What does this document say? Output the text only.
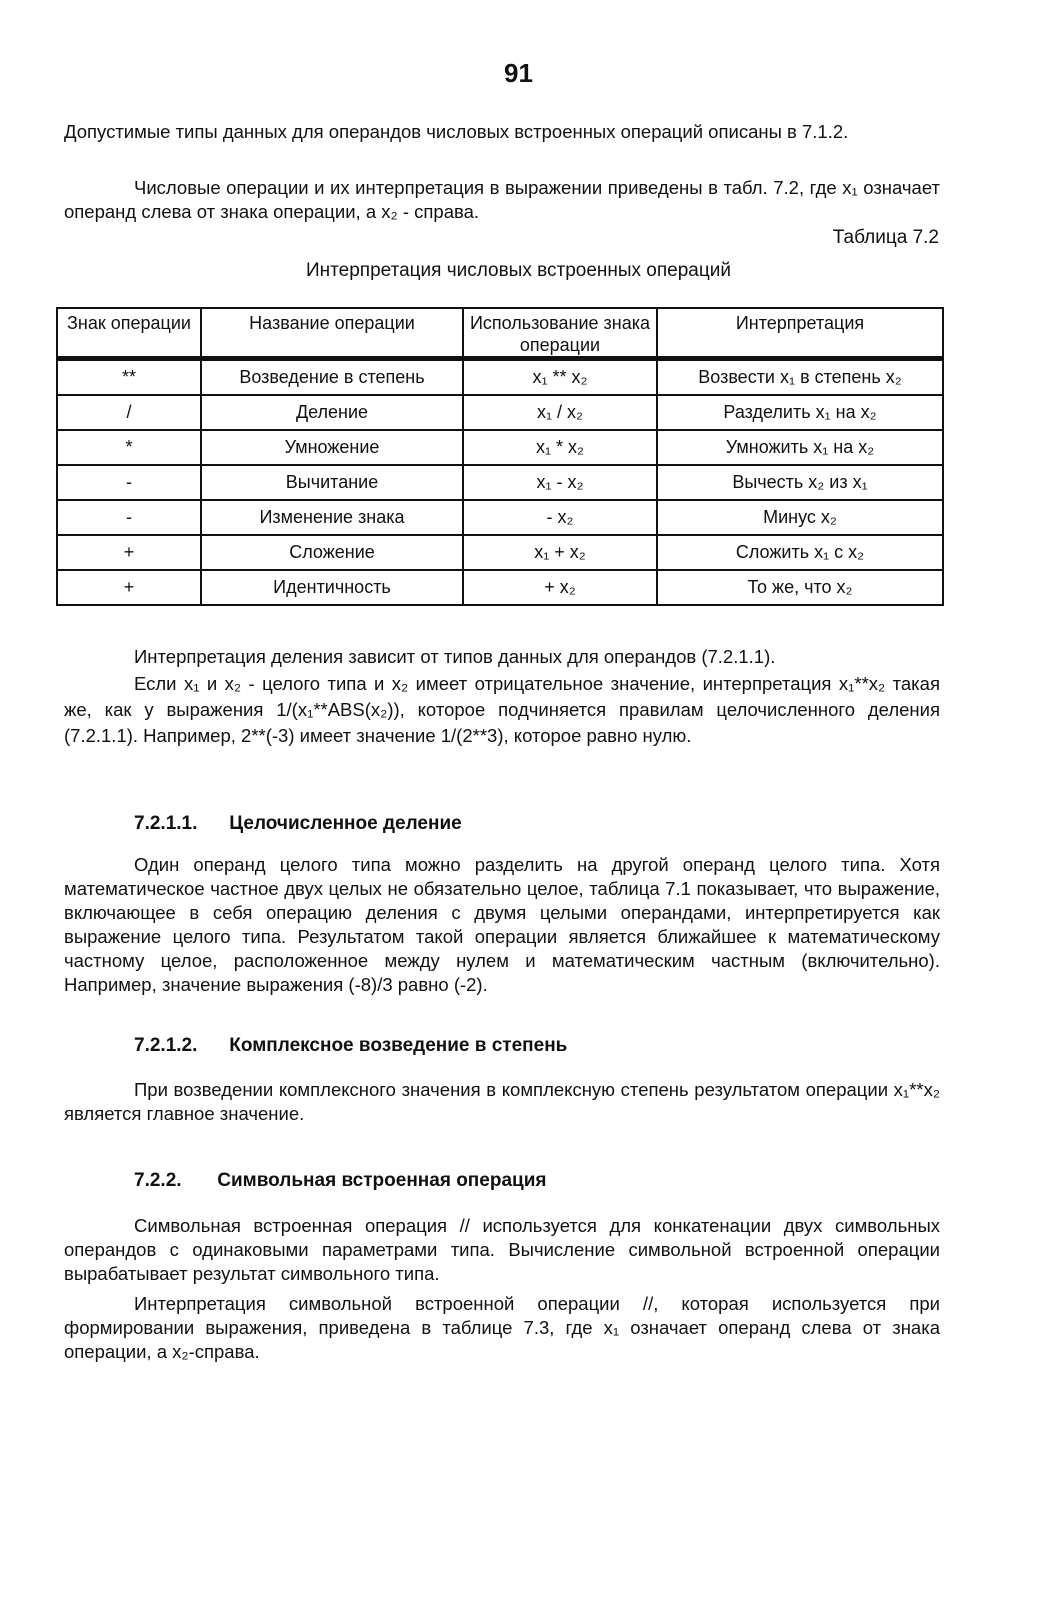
91
Допустимые типы данных для операндов числовых встроенных операций описаны в 7.1.2.
Числовые операции и их интерпретация в выражении приведены в табл. 7.2, где x₁ означает операнд слева от знака операции, а x₂ - справа.
Таблица 7.2
Интерпретация числовых встроенных операций
Знак операции	Название операции	Использование знака операции	Интерпретация
**	Возведение в степень	x₁ ** x₂	Возвести x₁ в степень x₂
/	Деление	x₁ / x₂	Разделить x₁ на x₂
*	Умножение	x₁ * x₂	Умножить x₁ на x₂
-	Вычитание	x₁ - x₂	Вычесть x₂ из x₁
-	Изменение знака	- x₂	Минус x₂
+	Сложение	x₁ + x₂	Сложить x₁ с x₂
+	Идентичность	+ x₂	То же, что x₂
Интерпретация деления зависит от типов данных для операндов (7.2.1.1).
Если x₁ и x₂ - целого типа и x₂ имеет отрицательное значение, интерпретация x₁**x₂ такая же, как у выражения 1/(x₁**ABS(x₂)), которое подчиняется правилам целочисленного деления (7.2.1.1). Например, 2**(-3) имеет значение 1/(2**3), которое равно нулю.
7.2.1.1. Целочисленное деление
Один операнд целого типа можно разделить на другой операнд целого типа. Хотя математическое частное двух целых не обязательно целое, таблица 7.1 показывает, что выражение, включающее в себя операцию деления с двумя целыми операндами, интерпретируется как выражение целого типа. Результатом такой операции является ближайшее к математическому частному целое, расположенное между нулем и математическим частным (включительно). Например, значение выражения (-8)/3 равно (-2).
7.2.1.2. Комплексное возведение в степень
При возведении комплексного значения в комплексную степень результатом операции x₁**x₂ является главное значение.
7.2.2. Символьная встроенная операция
Символьная встроенная операция // используется для конкатенации двух символьных операндов с одинаковыми параметрами типа. Вычисление символьной встроенной операции вырабатывает результат символьного типа.
Интерпретация символьной встроенной операции //, которая используется при формировании выражения, приведена в таблице 7.3, где x₁ означает операнд слева от знака операции, а x₂-справа.
